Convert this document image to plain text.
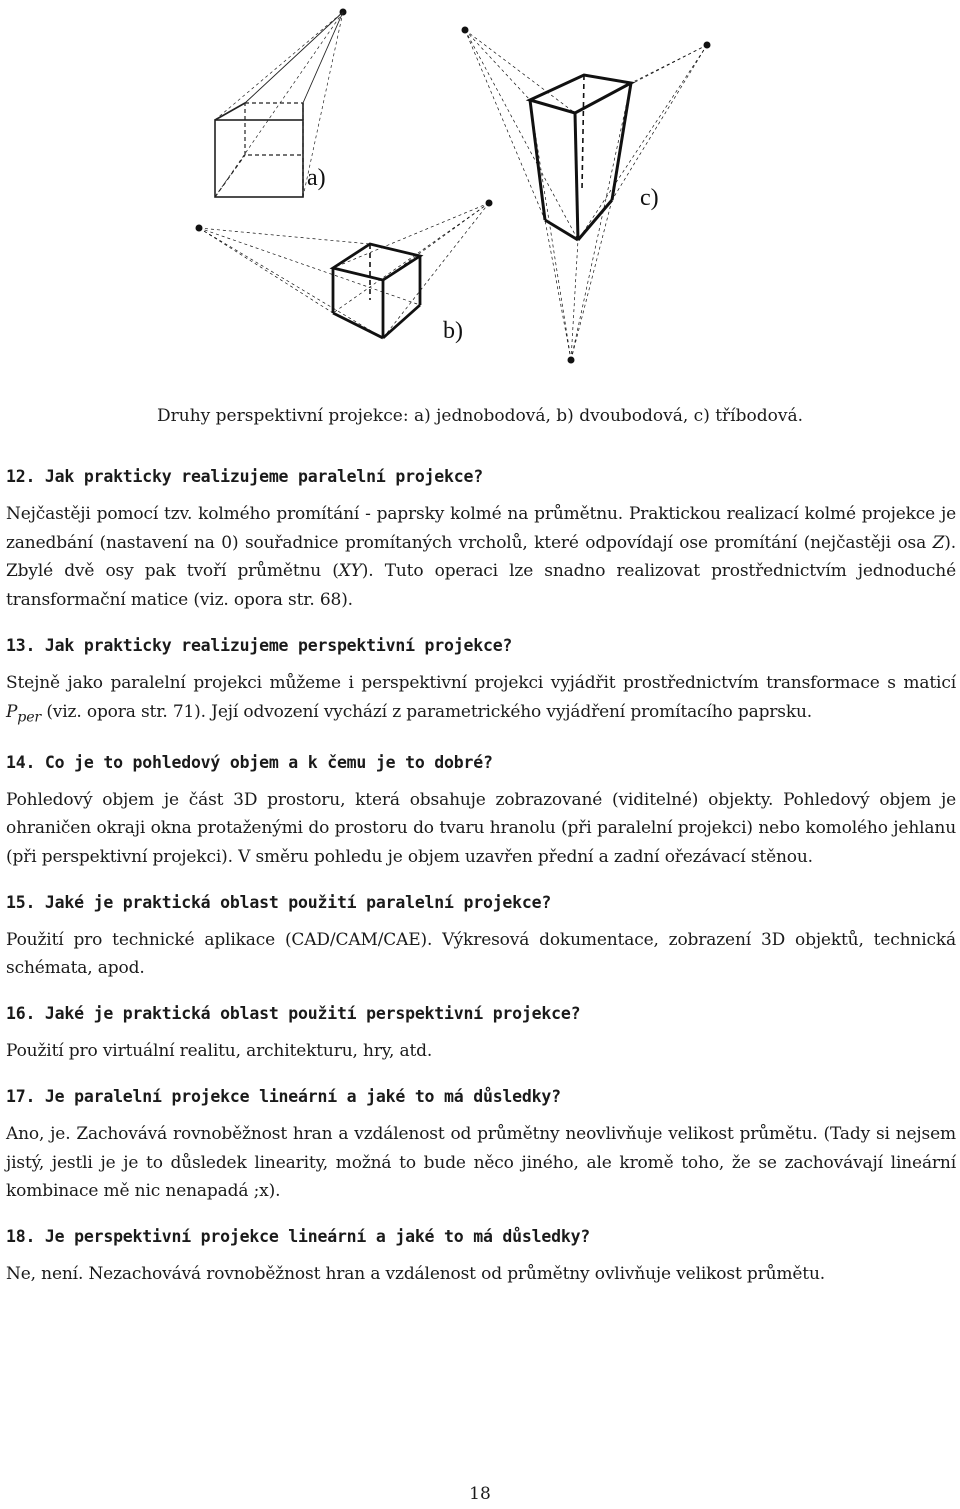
a)
b)
c)
Druhy perspektivní projekce: a) jednobodová, b) dvoubodová, c) tříbodová.

12. Jak prakticky realizujeme paralelní projekce?

Nejčastěji pomocí tzv. kolmého promítání - paprsky kolmé na průmětnu. Praktickou realizací kolmé projekce je zanedbání (nastavení na 0) souřadnice promítaných vrcholů, které odpovídají ose promítání (nejčastěji osa Z). Zbylé dvě osy pak tvoří průmětnu (XY). Tuto operaci lze snadno realizovat prostřednictvím jednoduché transformační matice (viz. opora str. 68).

13. Jak prakticky realizujeme perspektivní projekce?

Stejně jako paralelní projekci můžeme i perspektivní projekci vyjádřit prostřednictvím transformace s maticí $P_{per}$ (viz. opora str. 71). Její odvození vychází z parametrického vyjádření promítacího paprsku.

14. Co je to pohledový objem a k čemu je to dobré?

Pohledový objem je část 3D prostoru, která obsahuje zobrazované (viditelné) objekty. Pohledový objem je ohraničen okraji okna protaženými do prostoru do tvaru hranolu (při paralelní projekci) nebo komolého jehlanu (při perspektivní projekci). V směru pohledu je objem uzavřen přední a zadní ořezávací stěnou.

15. Jaké je praktická oblast použití paralelní projekce?

Použití pro technické aplikace (CAD/CAM/CAE). Výkresová dokumentace, zobrazení 3D objektů, technická schémata, apod.

16. Jaké je praktická oblast použití perspektivní projekce?

Použití pro virtuální realitu, architekturu, hry, atd.

17. Je paralelní projekce lineární a jaké to má důsledky?

Ano, je. Zachovává rovnoběžnost hran a vzdálenost od průmětny neovlivňuje velikost průmětu. (Tady si nejsem jistý, jestli je je to důsledek linearity, možná to bude něco jiného, ale kromě toho, že se zachovávají lineární kombinace mě nic nenapadá ;x).

18. Je perspektivní projekce lineární a jaké to má důsledky?

Ne, není. Nezachovává rovnoběžnost hran a vzdálenost od průmětny ovlivňuje velikost průmětu.

18
